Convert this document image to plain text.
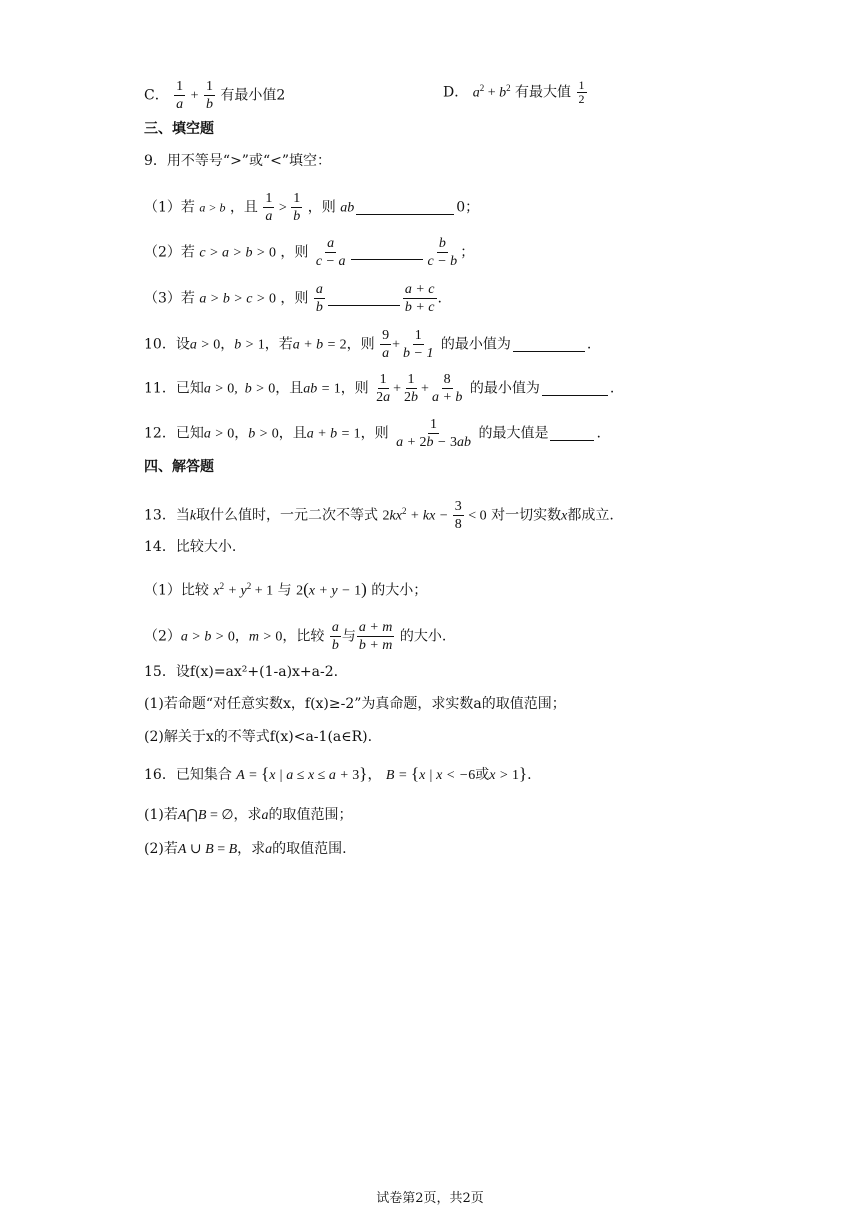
C． $\frac{1}{a} + \frac{1}{b}$ 有最小值2	D． $a^2 + b^2$ 有最大值 $\frac{1}{2}$
三、填空题
9．用不等号“>”或“<”填空：
（1）若 a > b ，且 $\frac{1}{a} > \frac{1}{b}$ ，则 ab	0；
（2）若 c > a > b > 0 ，则 $\frac{a}{c - a}$	$\frac{b}{c - b}$ ；
（3）若 a > b > c > 0 ，则 $\frac{a}{b}$	$\frac{a + c}{b + c}$ .
10．设a > 0，b > 1，若a + b = 2，则 $\frac{9}{a} + \frac{1}{b - 1}$ 的最小值为	.
11．已知a > 0,  b > 0，且ab = 1，则 $\frac{1}{2a} + \frac{1}{2b} + \frac{8}{a + b}$ 的最小值为	.
12．已知a > 0，b > 0，且a + b = 1，则 $\frac{1}{a + 2b - 3ab}$ 的最大值是	.
四、解答题
13．当k取什么值时，一元二次不等式 $2kx^2$ + kx − $\frac{3}{8} < 0$ 对一切实数x都成立.
14．比较大小.
（1）比较 $x^2 + y^2 + 1$ 与 2(x + y − 1) 的大小；
（2）a > b > 0，m > 0，比较 $\frac{a}{b}$ 与 $\frac{a + m}{b + m}$ 的大小.
15．设f(x)=ax²+(1-a)x+a-2.
(1)若命题“对任意实数x，f(x)≥-2”为真命题，求实数a的取值范围；
(2)解关于x的不等式f(x)<a-1(a∈R).
16．已知集合 A = {x | a ≤ x ≤ a + 3}， B = {x | x < −6或x > 1}.
(1)若A⋂B = ∅，求a的取值范围；
(2)若A ∪ B = B，求a的取值范围.
试卷第2页，共2页
